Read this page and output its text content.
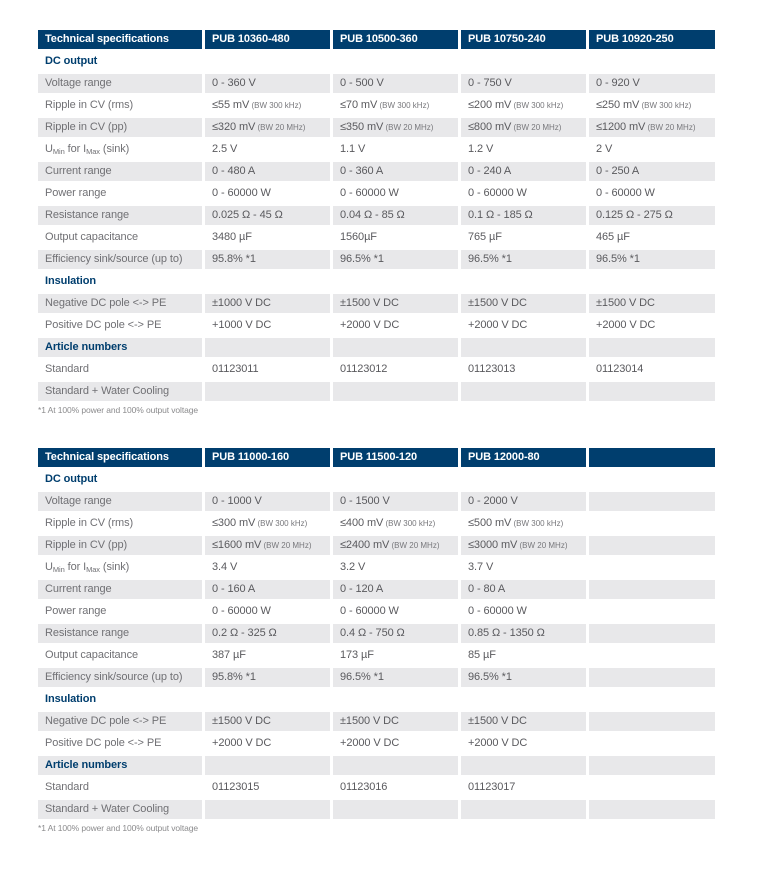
Technical specifications	PUB 10360-480	PUB 10500-360	PUB 10750-240	PUB 10920-250
DC output
Voltage range	0 - 360 V	0 - 500 V	0 - 750 V	0 - 920 V
Ripple in CV (rms)	≤55 mV (BW 300 kHz)	≤70 mV (BW 300 kHz)	≤200 mV (BW 300 kHz)	≤250 mV (BW 300 kHz)
Ripple in CV (pp)	≤320 mV (BW 20 MHz)	≤350 mV (BW 20 MHz)	≤800 mV (BW 20 MHz)	≤1200 mV (BW 20 MHz)
$U_{Min}$ for $I_{Max}$ (sink)	2.5 V	1.1 V	1.2 V	2 V
Current range	0 - 480 A	0 - 360 A	0 - 240 A	0 - 250 A
Power range	0 - 60000 W	0 - 60000 W	0 - 60000 W	0 - 60000 W
Resistance range	0.025 Ω - 45 Ω	0.04 Ω - 85 Ω	0.1 Ω - 185 Ω	0.125 Ω - 275 Ω
Output capacitance	3480 µF	1560µF	765 µF	465 µF
Efficiency sink/source (up to)	95.8% *1	96.5% *1	96.5% *1	96.5% *1
Insulation
Negative DC pole <-> PE	±1000 V DC	±1500 V DC	±1500 V DC	±1500 V DC
Positive DC pole <-> PE	+1000 V DC	+2000 V DC	+2000 V DC	+2000 V DC
Article numbers
Standard	01123011	01123012	01123013	01123014
Standard + Water Cooling
*1 At 100% power and 100% output voltage
Technical specifications	PUB 11000-160	PUB 11500-120	PUB 12000-80
DC output
Voltage range	0 - 1000 V	0 - 1500 V	0 - 2000 V
Ripple in CV (rms)	≤300 mV (BW 300 kHz)	≤400 mV (BW 300 kHz)	≤500 mV (BW 300 kHz)
Ripple in CV (pp)	≤1600 mV (BW 20 MHz)	≤2400 mV (BW 20 MHz)	≤3000 mV (BW 20 MHz)
$U_{Min}$ for $I_{Max}$ (sink)	3.4 V	3.2 V	3.7 V
Current range	0 - 160 A	0 - 120 A	0 - 80 A
Power range	0 - 60000 W	0 - 60000 W	0 - 60000 W
Resistance range	0.2 Ω - 325 Ω	0.4 Ω - 750 Ω	0.85 Ω - 1350 Ω
Output capacitance	387 µF	173 µF	85 µF
Efficiency sink/source (up to)	95.8% *1	96.5% *1	96.5% *1
Insulation
Negative DC pole <-> PE	±1500 V DC	±1500 V DC	±1500 V DC
Positive DC pole <-> PE	+2000 V DC	+2000 V DC	+2000 V DC
Article numbers
Standard	01123015	01123016	01123017
Standard + Water Cooling
*1 At 100% power and 100% output voltage
